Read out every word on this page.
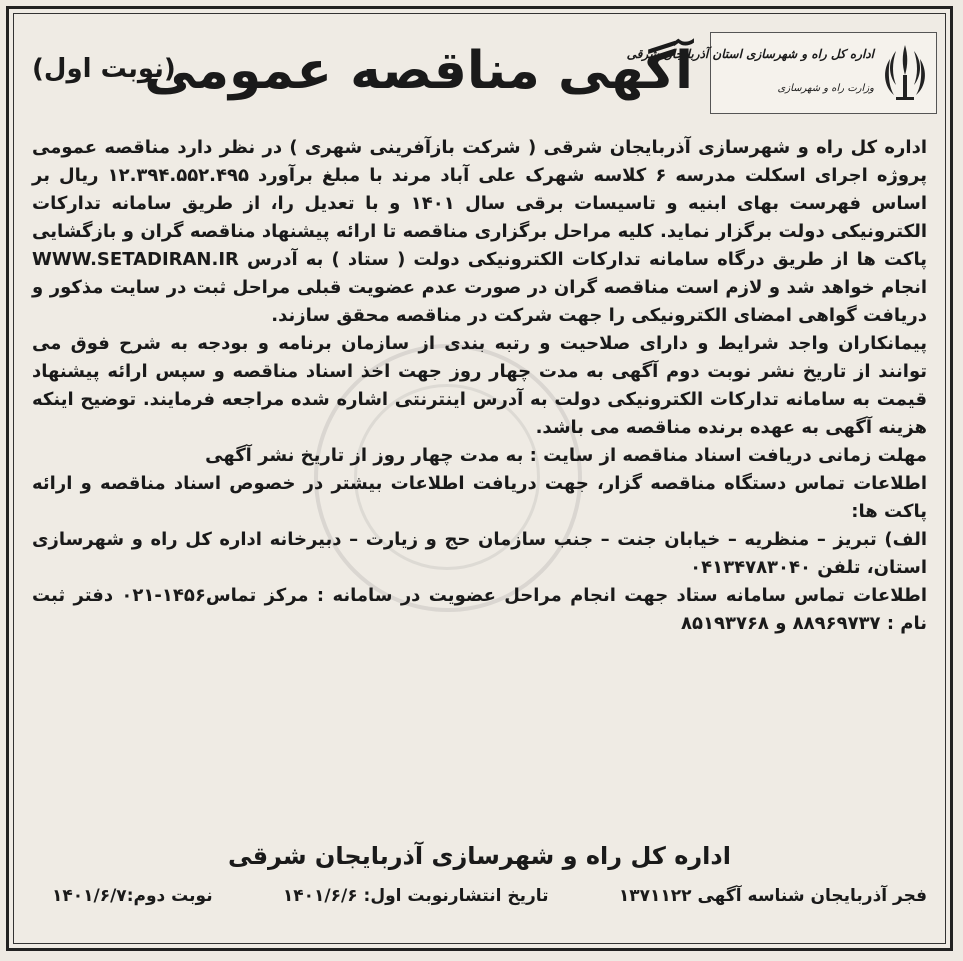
اداره کل راه و شهرسازی استان آذربایجان شرقی
وزارت راه و شهرسازی
آگهی مناقصه عمومی
(نوبت اول)

اداره کل راه و شهرسازی آذربایجان شرقی ( شرکت بازآفرینی شهری ) در نظر دارد مناقصه عمومی پروژه اجرای اسکلت مدرسه ۶ کلاسه شهرک علی آباد مرند با مبلغ برآورد ۱۲.۳۹۴.۵۵۲.۴۹۵ ریال بر اساس فهرست بهای ابنیه و تاسیسات برقی سال ۱۴۰۱ و با تعدیل را، از طریق سامانه تدارکات الکترونیکی دولت برگزار نماید. کلیه مراحل برگزاری مناقصه تا ارائه پیشنهاد مناقصه گران و بازگشایی پاکت ها از طریق درگاه سامانه تدارکات الکترونیکی دولت ( ستاد ) به آدرس WWW.SETADIRAN.IR انجام خواهد شد و لازم است مناقصه گران در صورت عدم عضویت قبلی مراحل ثبت در سایت مذکور و دریافت گواهی امضای الکترونیکی را جهت شرکت در مناقصه محقق سازند.

پیمانکاران واجد شرایط و دارای صلاحیت و رتبه بندی از سازمان برنامه و بودجه به شرح فوق می توانند از تاریخ نشر نوبت دوم آگهی به مدت چهار روز جهت اخذ اسناد مناقصه و سپس ارائه پیشنهاد قیمت به سامانه تدارکات الکترونیکی دولت به آدرس اینترنتی اشاره شده مراجعه فرمایند. توضیح اینکه هزینه آگهی به عهده برنده مناقصه می باشد.

مهلت زمانی دریافت اسناد مناقصه از سایت : به مدت چهار روز از تاریخ نشر آگهی

اطلاعات تماس دستگاه مناقصه گزار، جهت دریافت اطلاعات بیشتر در خصوص اسناد مناقصه و ارائه پاکت ها:

الف) تبریز – منظریه – خیابان جنت – جنب سازمان حج و زیارت – دبیرخانه اداره کل راه و شهرسازی استان، تلفن ۰۴۱۳۴۷۸۳۰۴۰

اطلاعات تماس سامانه ستاد جهت انجام مراحل عضویت در سامانه : مرکز تماس۱۴۵۶-۰۲۱ دفتر ثبت نام : ۸۸۹۶۹۷۳۷ و ۸۵۱۹۳۷۶۸

اداره کل راه و شهرسازی آذربایجان شرقی
فجر آذربایجان شناسه آگهی ۱۳۷۱۱۲۲
تاریخ انتشارنوبت اول: ۱۴۰۱/۶/۶
نوبت دوم:۱۴۰۱/۶/۷
